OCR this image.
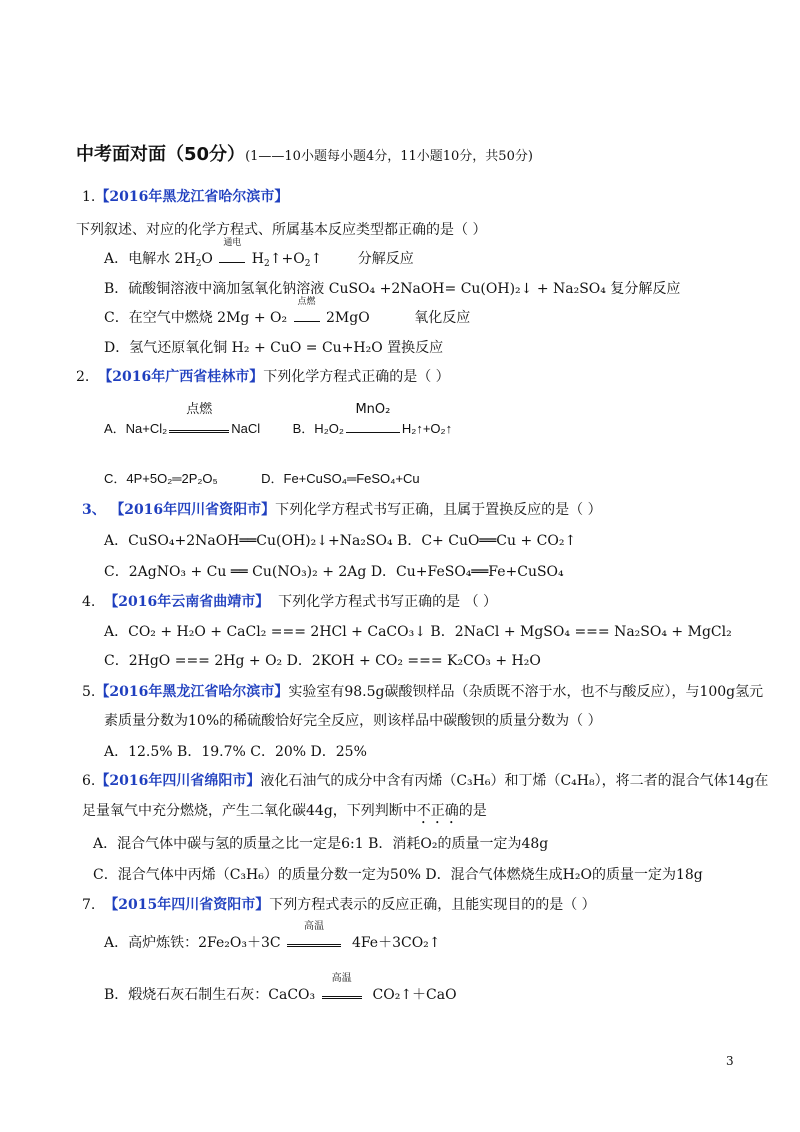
中考面对面（50分）(1——10小题每小题4分，11小题10分，共50分)
1.【2016年黑龙江省哈尔滨市】
下列叙述、对应的化学方程式、所属基本反应类型都正确的是（ ）
A．电解水 $2H_2O$
通电
$H_2↑+O_2↑$        分解反应
B．硫酸铜溶液中滴加氢氧化钠溶液 CuSO₄ +2NaOH= Cu(OH)₂↓ + Na₂SO₄ 复分解反应
C．在空气中燃烧 2Mg + O₂
点燃
2MgO	氧化反应
D．氢气还原氧化铜 H₂ + CuO = Cu+H₂O 置换反应
2. 【2016年广西省桂林市】下列化学方程式正确的是（ ）
A．Na+Cl₂
点燃
NaCl	B．H₂O₂
MnO₂
H₂↑+O₂↑
C．4P+5O₂═2P₂O₅	D．Fe+CuSO₄═FeSO₄+Cu
3、 【2016年四川省资阳市】下列化学方程式书写正确，且属于置换反应的是（ ）
A．CuSO₄+2NaOH══Cu(OH)₂↓+Na₂SO₄ B．C+ CuO══Cu + CO₂↑
C．2AgNO₃ + Cu ══ Cu(NO₃)₂ + 2Ag D．Cu+FeSO₄══Fe+CuSO₄
4. 【2016年云南省曲靖市】 下列化学方程式书写正确的是 （ ）
A．CO₂ + H₂O + CaCl₂ === 2HCl + CaCO₃↓ B．2NaCl + MgSO₄ === Na₂SO₄ + MgCl₂
C．2HgO === 2Hg + O₂ D．2KOH + CO₂ === K₂CO₃ + H₂O
5.【2016年黑龙江省哈尔滨市】实验室有98.5g碳酸钡样品（杂质既不溶于水，也不与酸反应），与100g氢元
素质量分数为10%的稀硫酸恰好完全反应，则该样品中碳酸钡的质量分数为（ ）
A．12.5% B．19.7% C．20% D．25%
6.【2016年四川省绵阳市】液化石油气的成分中含有丙烯（C₃H₆）和丁烯（C₄H₈），将二者的混合气体14g在
足量氧气中充分燃烧，产生二氧化碳44g，下列判断中不正确的是
A．混合气体中碳与氢的质量之比一定是6:1 B．消耗O₂的质量一定为48g
C．混合气体中丙烯（C₃H₆）的质量分数一定为50% D．混合气体燃烧生成H₂O的质量一定为18g
7. 【2015年四川省资阳市】下列方程式表示的反应正确，且能实现目的的是（ ）
A．高炉炼铁：2Fe₂O₃＋3C
高温
4Fe＋3CO₂↑
B．煅烧石灰石制生石灰：CaCO₃
高温
CO₂↑＋CaO
3
